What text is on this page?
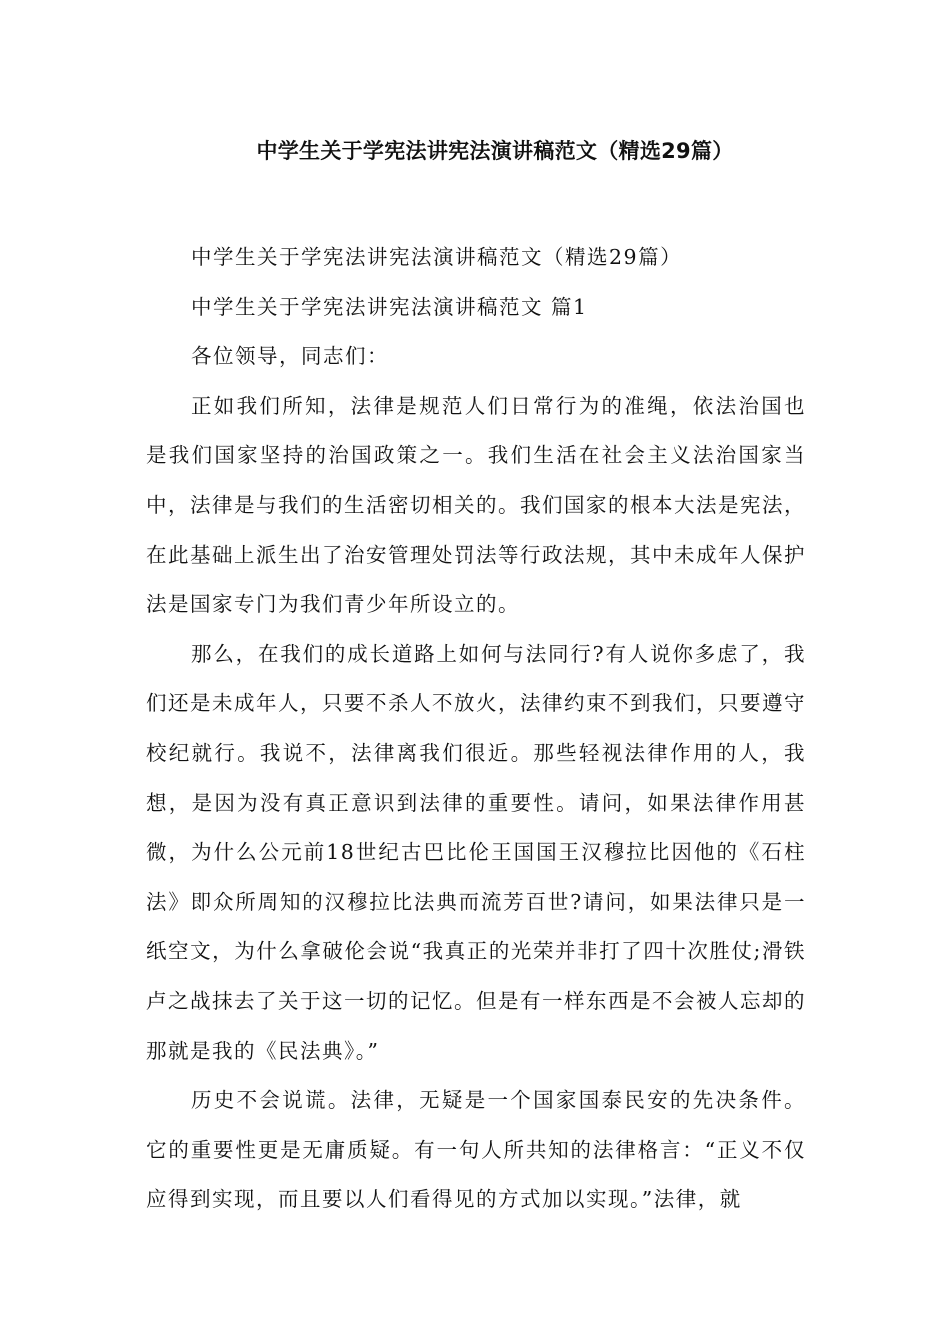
中学生关于学宪法讲宪法演讲稿范文（精选29篇）

中学生关于学宪法讲宪法演讲稿范文（精选29篇）

中学生关于学宪法讲宪法演讲稿范文 篇1

各位领导，同志们：

正如我们所知，法律是规范人们日常行为的准绳，依法治国也是我们国家坚持的治国政策之一。我们生活在社会主义法治国家当中，法律是与我们的生活密切相关的。我们国家的根本大法是宪法，在此基础上派生出了治安管理处罚法等行政法规，其中未成年人保护法是国家专门为我们青少年所设立的。

那么，在我们的成长道路上如何与法同行?有人说你多虑了，我们还是未成年人，只要不杀人不放火，法律约束不到我们，只要遵守校纪就行。我说不，法律离我们很近。那些轻视法律作用的人，我想，是因为没有真正意识到法律的重要性。请问，如果法律作用甚微，为什么公元前18世纪古巴比伦王国国王汉穆拉比因他的《石柱法》即众所周知的汉穆拉比法典而流芳百世?请问，如果法律只是一纸空文，为什么拿破伦会说“我真正的光荣并非打了四十次胜仗;滑铁卢之战抹去了关于这一切的记忆。但是有一样东西是不会被人忘却的那就是我的《民法典》。”

历史不会说谎。法律，无疑是一个国家国泰民安的先决条件。它的重要性更是无庸质疑。有一句人所共知的法律格言：“正义不仅应得到实现，而且要以人们看得见的方式加以实现。”法律，就
